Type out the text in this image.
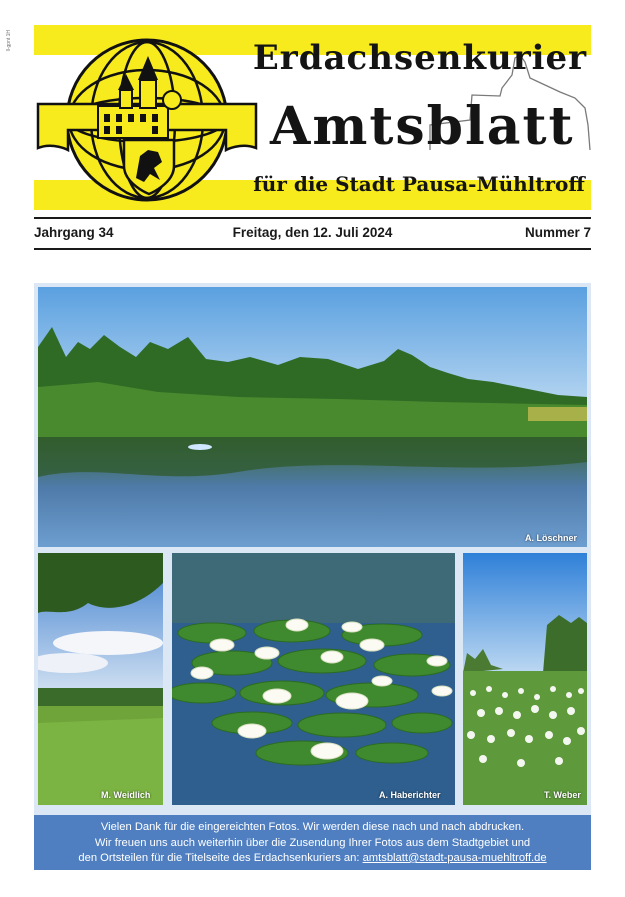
ll-gpnt 1H	Erdachsenkurier
Amtsblatt
für die Stadt Pausa-Mühltroff
Jahrgang 34	Freitag, den 12. Juli 2024	Nummer 7
A. Löschner
M. Weidlich	A. Haberichter	T. Weber
Vielen Dank für die eingereichten Fotos. Wir werden diese nach und nach abdrucken.
Wir freuen uns auch weiterhin über die Zusendung Ihrer Fotos aus dem Stadtgebiet und
den Ortsteilen für die Titelseite des Erdachsenkuriers an: amtsblatt@stadt-pausa-muehltroff.de
